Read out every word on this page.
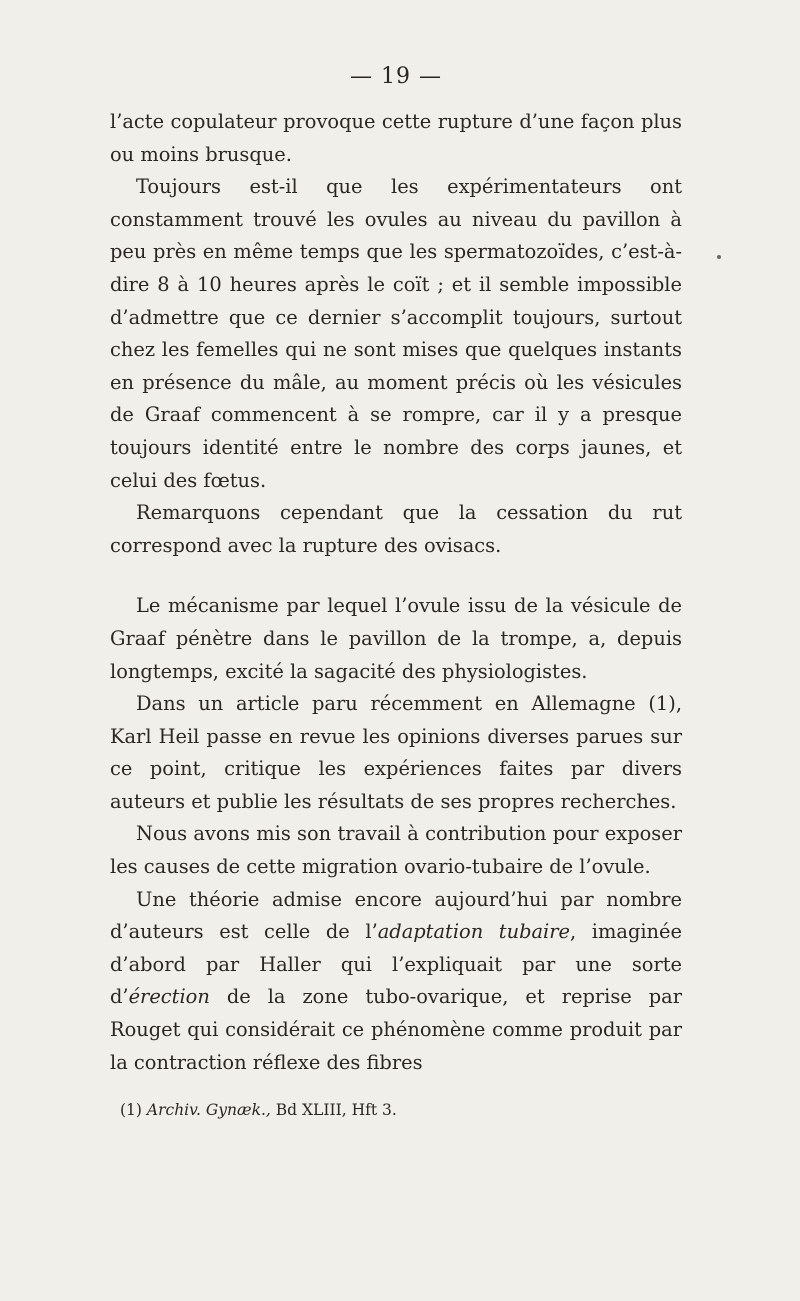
— 19 —

l’acte copulateur provoque cette rupture d’une façon plus ou moins brusque.

Toujours est-il que les expérimentateurs ont constamment trouvé les ovules au niveau du pavillon à peu près en même temps que les spermatozoïdes, c’est-à-dire 8 à 10 heures après le coït ; et il semble impossible d’admettre que ce dernier s’accomplit toujours, surtout chez les femelles qui ne sont mises que quelques instants en présence du mâle, au moment précis où les vésicules de Graaf commencent à se rompre, car il y a presque toujours identité entre le nombre des corps jaunes, et celui des fœtus.

Remarquons cependant que la cessation du rut correspond avec la rupture des ovisacs.

Le mécanisme par lequel l’ovule issu de la vésicule de Graaf pénètre dans le pavillon de la trompe, a, depuis longtemps, excité la sagacité des physiologistes.

Dans un article paru récemment en Allemagne (1), Karl Heil passe en revue les opinions diverses parues sur ce point, critique les expériences faites par divers auteurs et publie les résultats de ses propres recherches.

Nous avons mis son travail à contribution pour exposer les causes de cette migration ovario-tubaire de l’ovule.

Une théorie admise encore aujourd’hui par nombre d’auteurs est celle de l’adaptation tubaire, imaginée d’abord par Haller qui l’expliquait par une sorte d’érection de la zone tubo-ovarique, et reprise par Rouget qui considérait ce phénomène comme produit par la contraction réflexe des fibres

(1) Archiv. Gynæk., Bd XLIII, Hft 3.
